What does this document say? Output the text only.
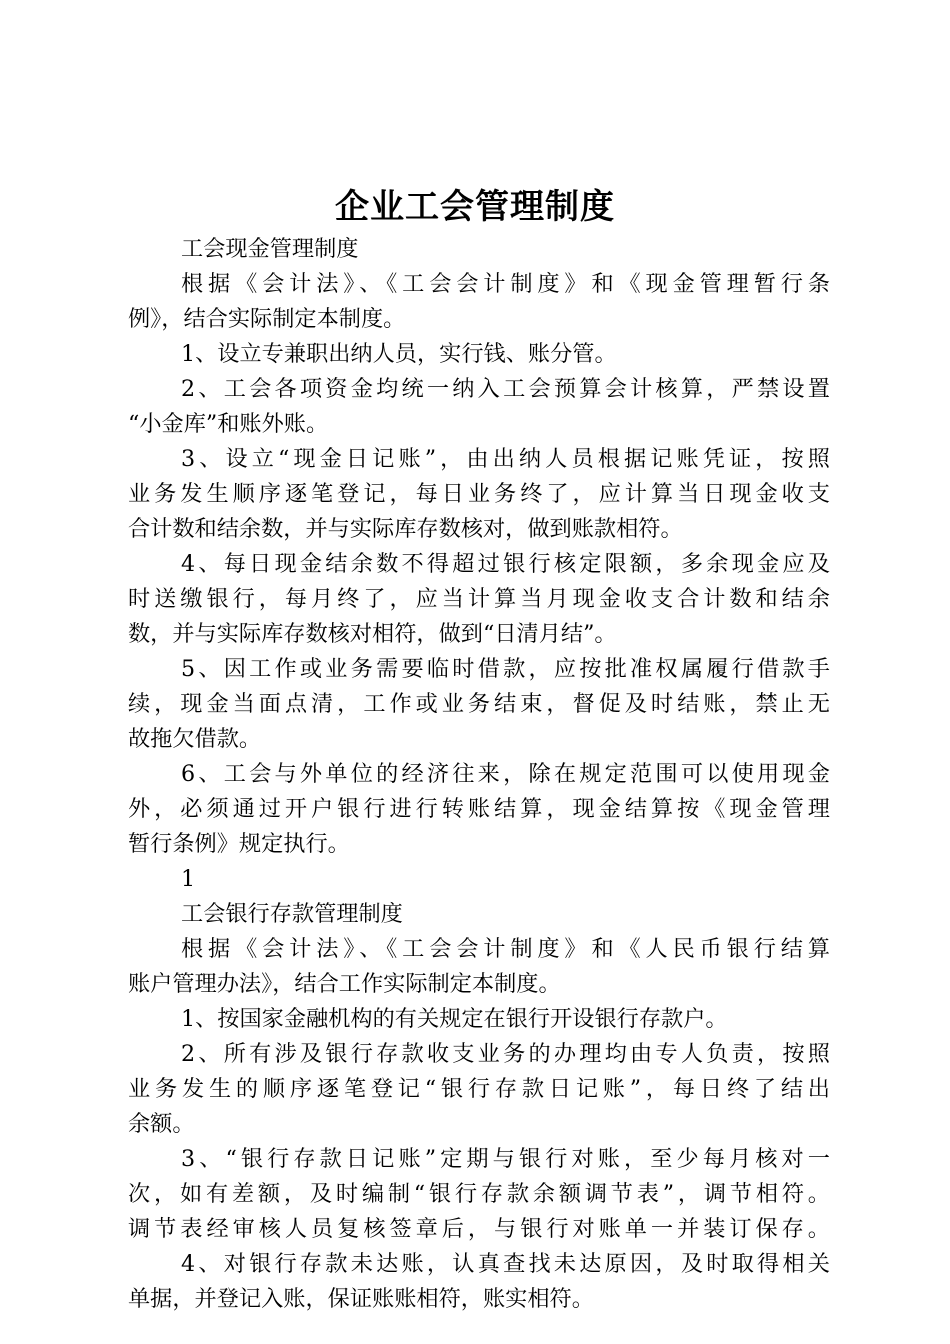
企业工会管理制度
工会现金管理制度
根据《会计法》、《工会会计制度》和《现金管理暂行条
例》，结合实际制定本制度。
1、设立专兼职出纳人员，实行钱、账分管。
2、工会各项资金均统一纳入工会预算会计核算，严禁设置
“小金库”和账外账。
3、设立“现金日记账”，由出纳人员根据记账凭证，按照
业务发生顺序逐笔登记，每日业务终了，应计算当日现金收支
合计数和结余数，并与实际库存数核对，做到账款相符。
4、每日现金结余数不得超过银行核定限额，多余现金应及
时送缴银行，每月终了，应当计算当月现金收支合计数和结余
数，并与实际库存数核对相符，做到“日清月结”。
5、因工作或业务需要临时借款，应按批准权属履行借款手
续，现金当面点清，工作或业务结束，督促及时结账，禁止无
故拖欠借款。
6、工会与外单位的经济往来，除在规定范围可以使用现金
外，必须通过开户银行进行转账结算，现金结算按《现金管理
暂行条例》规定执行。
1
工会银行存款管理制度
根据《会计法》、《工会会计制度》和《人民币银行结算
账户管理办法》，结合工作实际制定本制度。
1、按国家金融机构的有关规定在银行开设银行存款户。
2、所有涉及银行存款收支业务的办理均由专人负责，按照
业务发生的顺序逐笔登记“银行存款日记账”，每日终了结出
余额。
3、“银行存款日记账”定期与银行对账，至少每月核对一
次，如有差额，及时编制“银行存款余额调节表”，调节相符。
调节表经审核人员复核签章后，与银行对账单一并装订保存。
4、对银行存款未达账，认真查找未达原因，及时取得相关
单据，并登记入账，保证账账相符，账实相符。
